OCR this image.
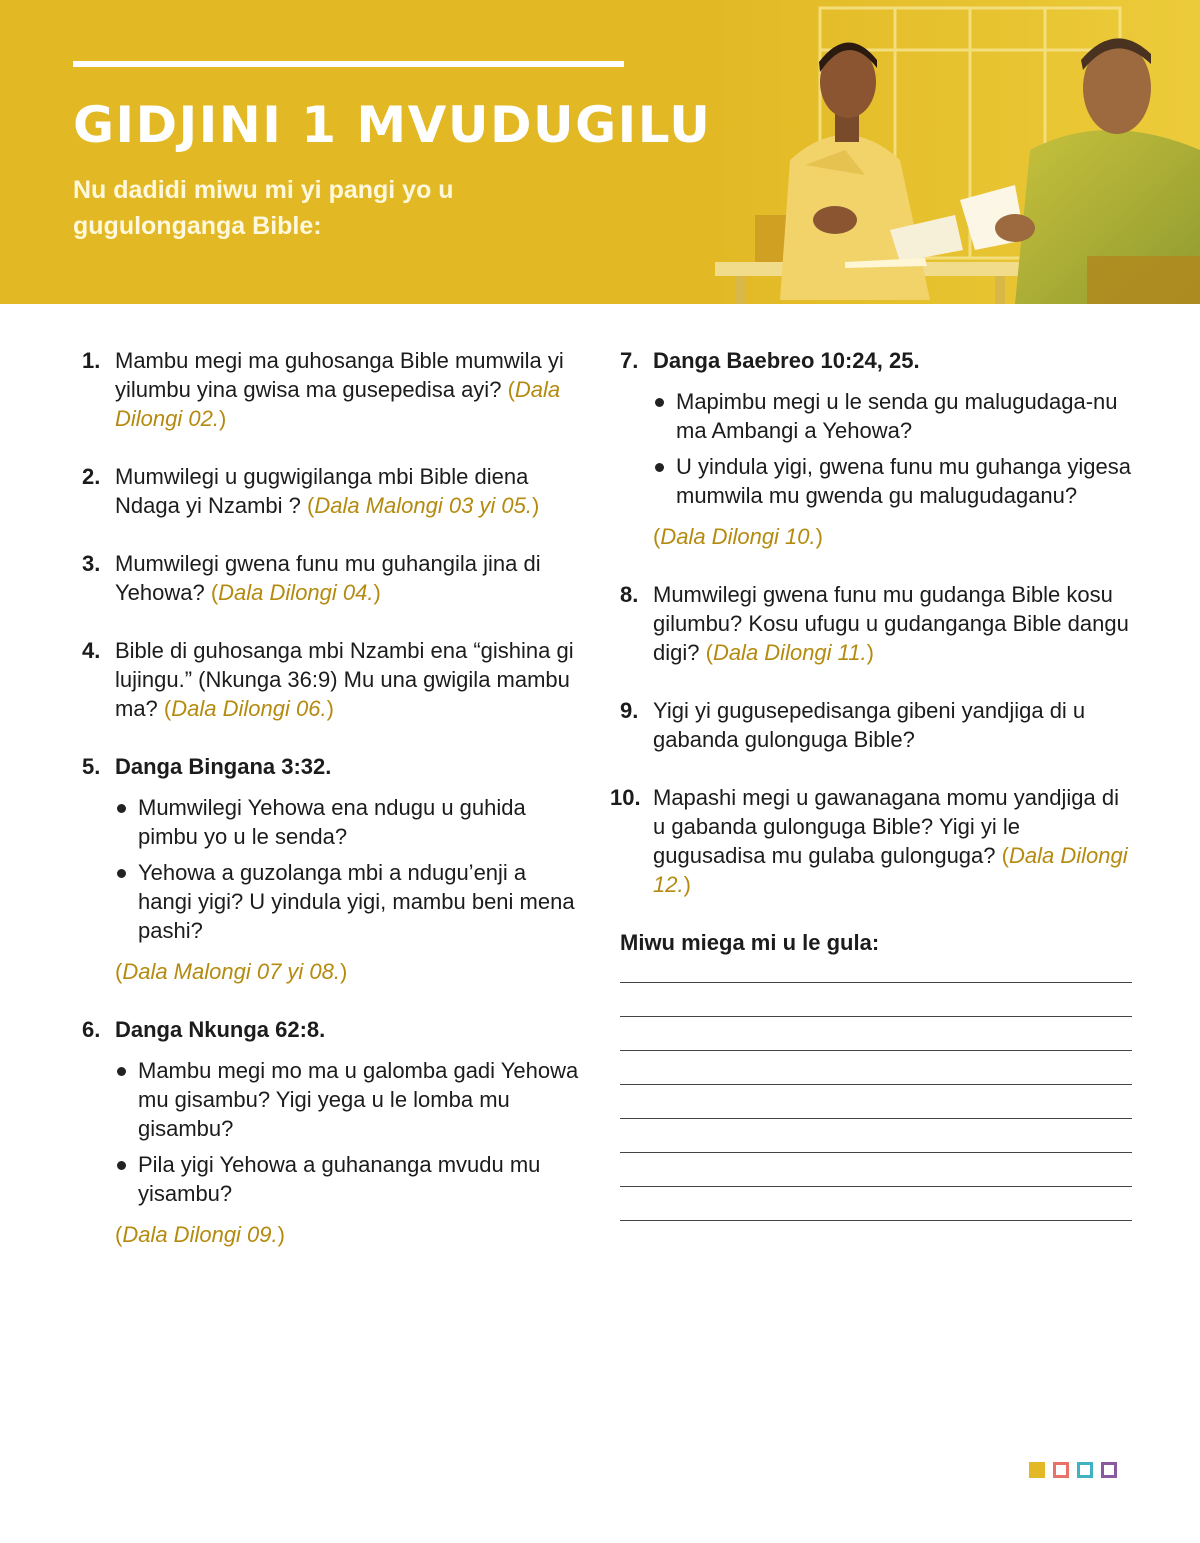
GIDJINI 1 MVUDUGILU

Nu dadidi miwu mi yi pangi yo u gugulonganga Bible:

1. Mambu megi ma guhosanga Bible mumwila yi yilumbu yina gwisa ma gusepedisa ayi? (Dala Dilongi 02.)
2. Mumwilegi u gugwigilanga mbi Bible diena Ndaga yi Nzambi ? (Dala Malongi 03 yi 05.)
3. Mumwilegi gwena funu mu guhangila jina di Yehowa? (Dala Dilongi 04.)
4. Bible di guhosanga mbi Nzambi ena “gishina gi lujingu.” (Nkunga 36:9) Mu una gwigila mambu ma? (Dala Dilongi 06.)
5. Danga Bingana 3:32.
Mumwilegi Yehowa ena ndugu u guhida pimbu yo u le senda?
Yehowa a guzolanga mbi a ndugu’enji a hangi yigi? U yindula yigi, mambu beni mena pashi?
(Dala Malongi 07 yi 08.)
6. Danga Nkunga 62:8.
Mambu megi mo ma u galomba gadi Yehowa mu gisambu? Yigi yega u le lomba mu gisambu?
Pila yigi Yehowa a guhananga mvudu mu yisambu?
(Dala Dilongi 09.)
7. Danga Baebreo 10:24, 25.
Mapimbu megi u le senda gu malugudaga-nu ma Ambangi a Yehowa?
U yindula yigi, gwena funu mu guhanga yigesa mumwila mu gwenda gu malugudaganu?
(Dala Dilongi 10.)
8. Mumwilegi gwena funu mu gudanga Bible kosu gilumbu? Kosu ufugu u gudanganga Bible dangu digi? (Dala Dilongi 11.)
9. Yigi yi gugusepedisanga gibeni yandjiga di u gabanda gulonguga Bible?
10. Mapashi megi u gawanagana momu yandjiga di u gabanda gulonguga Bible? Yigi yi le gugusadisa mu gulaba gulonguga? (Dala Dilongi 12.)
Miwu miega mi u le gula:
